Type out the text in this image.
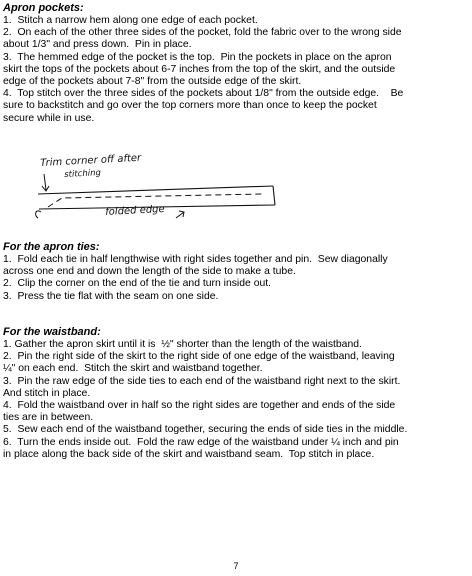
Apron pockets:

1.  Stitch a narrow hem along one edge of each pocket.

2.  On each of the other three sides of the pocket, fold the fabric over to the wrong side

about 1/3" and press down.  Pin in place.

3.  The hemmed edge of the pocket is the top.  Pin the pockets in place on the apron

skirt the tops of the pockets about 6-7 inches from the top of the skirt, and the outside

edge of the pockets about 7-8" from the outside edge of the skirt.

4.  Top stitch over the three sides of the pockets about 1/8" from the outside edge.    Be

sure to backstitch and go over the top corners more than once to keep the pocket

secure while in use.

Trim corner off after
stitching
folded edge

For the apron ties:

1.  Fold each tie in half lengthwise with right sides together and pin.  Sew diagonally

across one end and down the length of the side to make a tube.

2.  Clip the corner on the end of the tie and turn inside out.

3.  Press the tie flat with the seam on one side.

For the waistband:

1. Gather the apron skirt until it is  ½" shorter than the length of the waistband.

2.  Pin the right side of the skirt to the right side of one edge of the waistband, leaving

¼" on each end.  Stitch the skirt and waistband together.

3.  Pin the raw edge of the side ties to each end of the waistband right next to the skirt.

And stitch in place.

4.  Fold the waistband over in half so the right sides are together and ends of the side

ties are in between.

5.  Sew each end of the waistband together, securing the ends of side ties in the middle.

6.  Turn the ends inside out.  Fold the raw edge of the waistband under ¼ inch and pin

in place along the back side of the skirt and waistband seam.  Top stitch in place.

7
